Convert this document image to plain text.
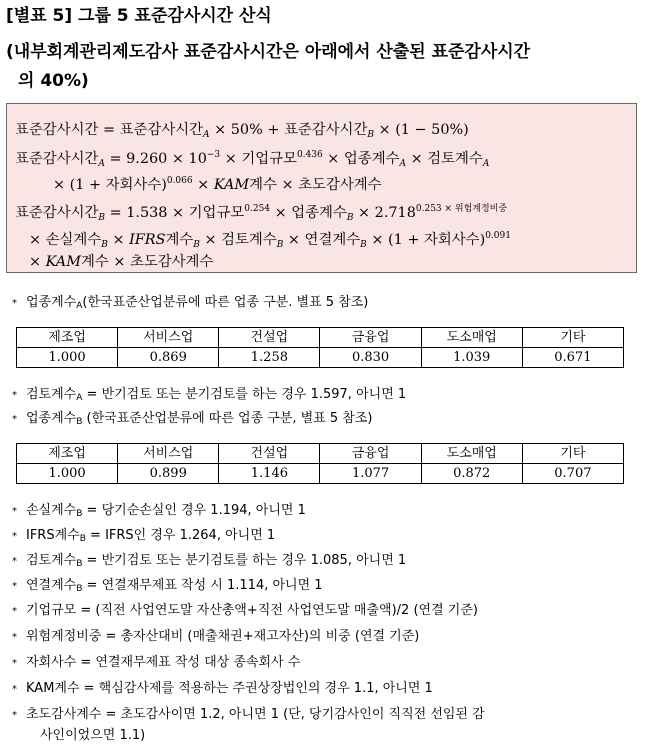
[별표 5] 그룹 5 표준감사시간 산식
(내부회계관리제도감사 표준감사시간은 아래에서 산출된 표준감사시간
의 40%)
표준감사시간 = 표준감사시간$_A$ × 50% + 표준감사시간$_B$ × (1 − 50%)
표준감사시간$_A = 9.260 \times 10^{-3}$ × 기업규모$^{0.436}$ × 업종계수$_A$ × 검토계수$_A$
× (1 + 자회사수)$^{0.066}$ × KAM계수 × 초도감사계수
표준감사시간$_B$ = 1.538 × 기업규모$^{0.254}$ × 업종계수$_B \times 2.718^{0.253 \times 위험계정비중}$
× 손실계수$_B$ × IFRS계수$_B$ × 검토계수$_B$ × 연결계수$_B$ × (1 + 자회사수)$^{0.091}$
× KAM계수 × 초도감사계수
* 업종계수$_A$(한국표준산업분류에 따른 업종 구분. 별표 5 참조)
제조업	서비스업	건설업	금융업	도소매업	기타
1.000	0.869	1.258	0.830	1.039	0.671
* 검토계수$_A$ = 반기검토 또는 분기검토를 하는 경우 1.597, 아니면 1
* 업종계수$_B$ (한국표준산업분류에 따른 업종 구분, 별표 5 참조)
제조업	서비스업	건설업	금융업	도소매업	기타
1.000	0.899	1.146	1.077	0.872	0.707
* 손실계수$_B$ = 당기순손실인 경우 1.194, 아니면 1
* IFRS계수$_B$ = IFRS인 경우 1.264, 아니면 1
* 검토계수$_B$ = 반기검토 또는 분기검토를 하는 경우 1.085, 아니면 1
* 연결계수$_B$ = 연결재무제표 작성 시 1.114, 아니면 1
* 기업규모 = (직전 사업연도말 자산총액+직전 사업연도말 매출액)/2 (연결 기준)
* 위험계정비중 = 총자산대비 (매출채권+재고자산)의 비중 (연결 기준)
* 자회사수 = 연결재무제표 작성 대상 종속회사 수
* KAM계수 = 핵심감사제를 적용하는 주권상장법인의 경우 1.1, 아니면 1
* 초도감사계수 = 초도감사이면 1.2, 아니면 1 (단, 당기감사인이 직직전 선임된 감
사인이었으면 1.1)
